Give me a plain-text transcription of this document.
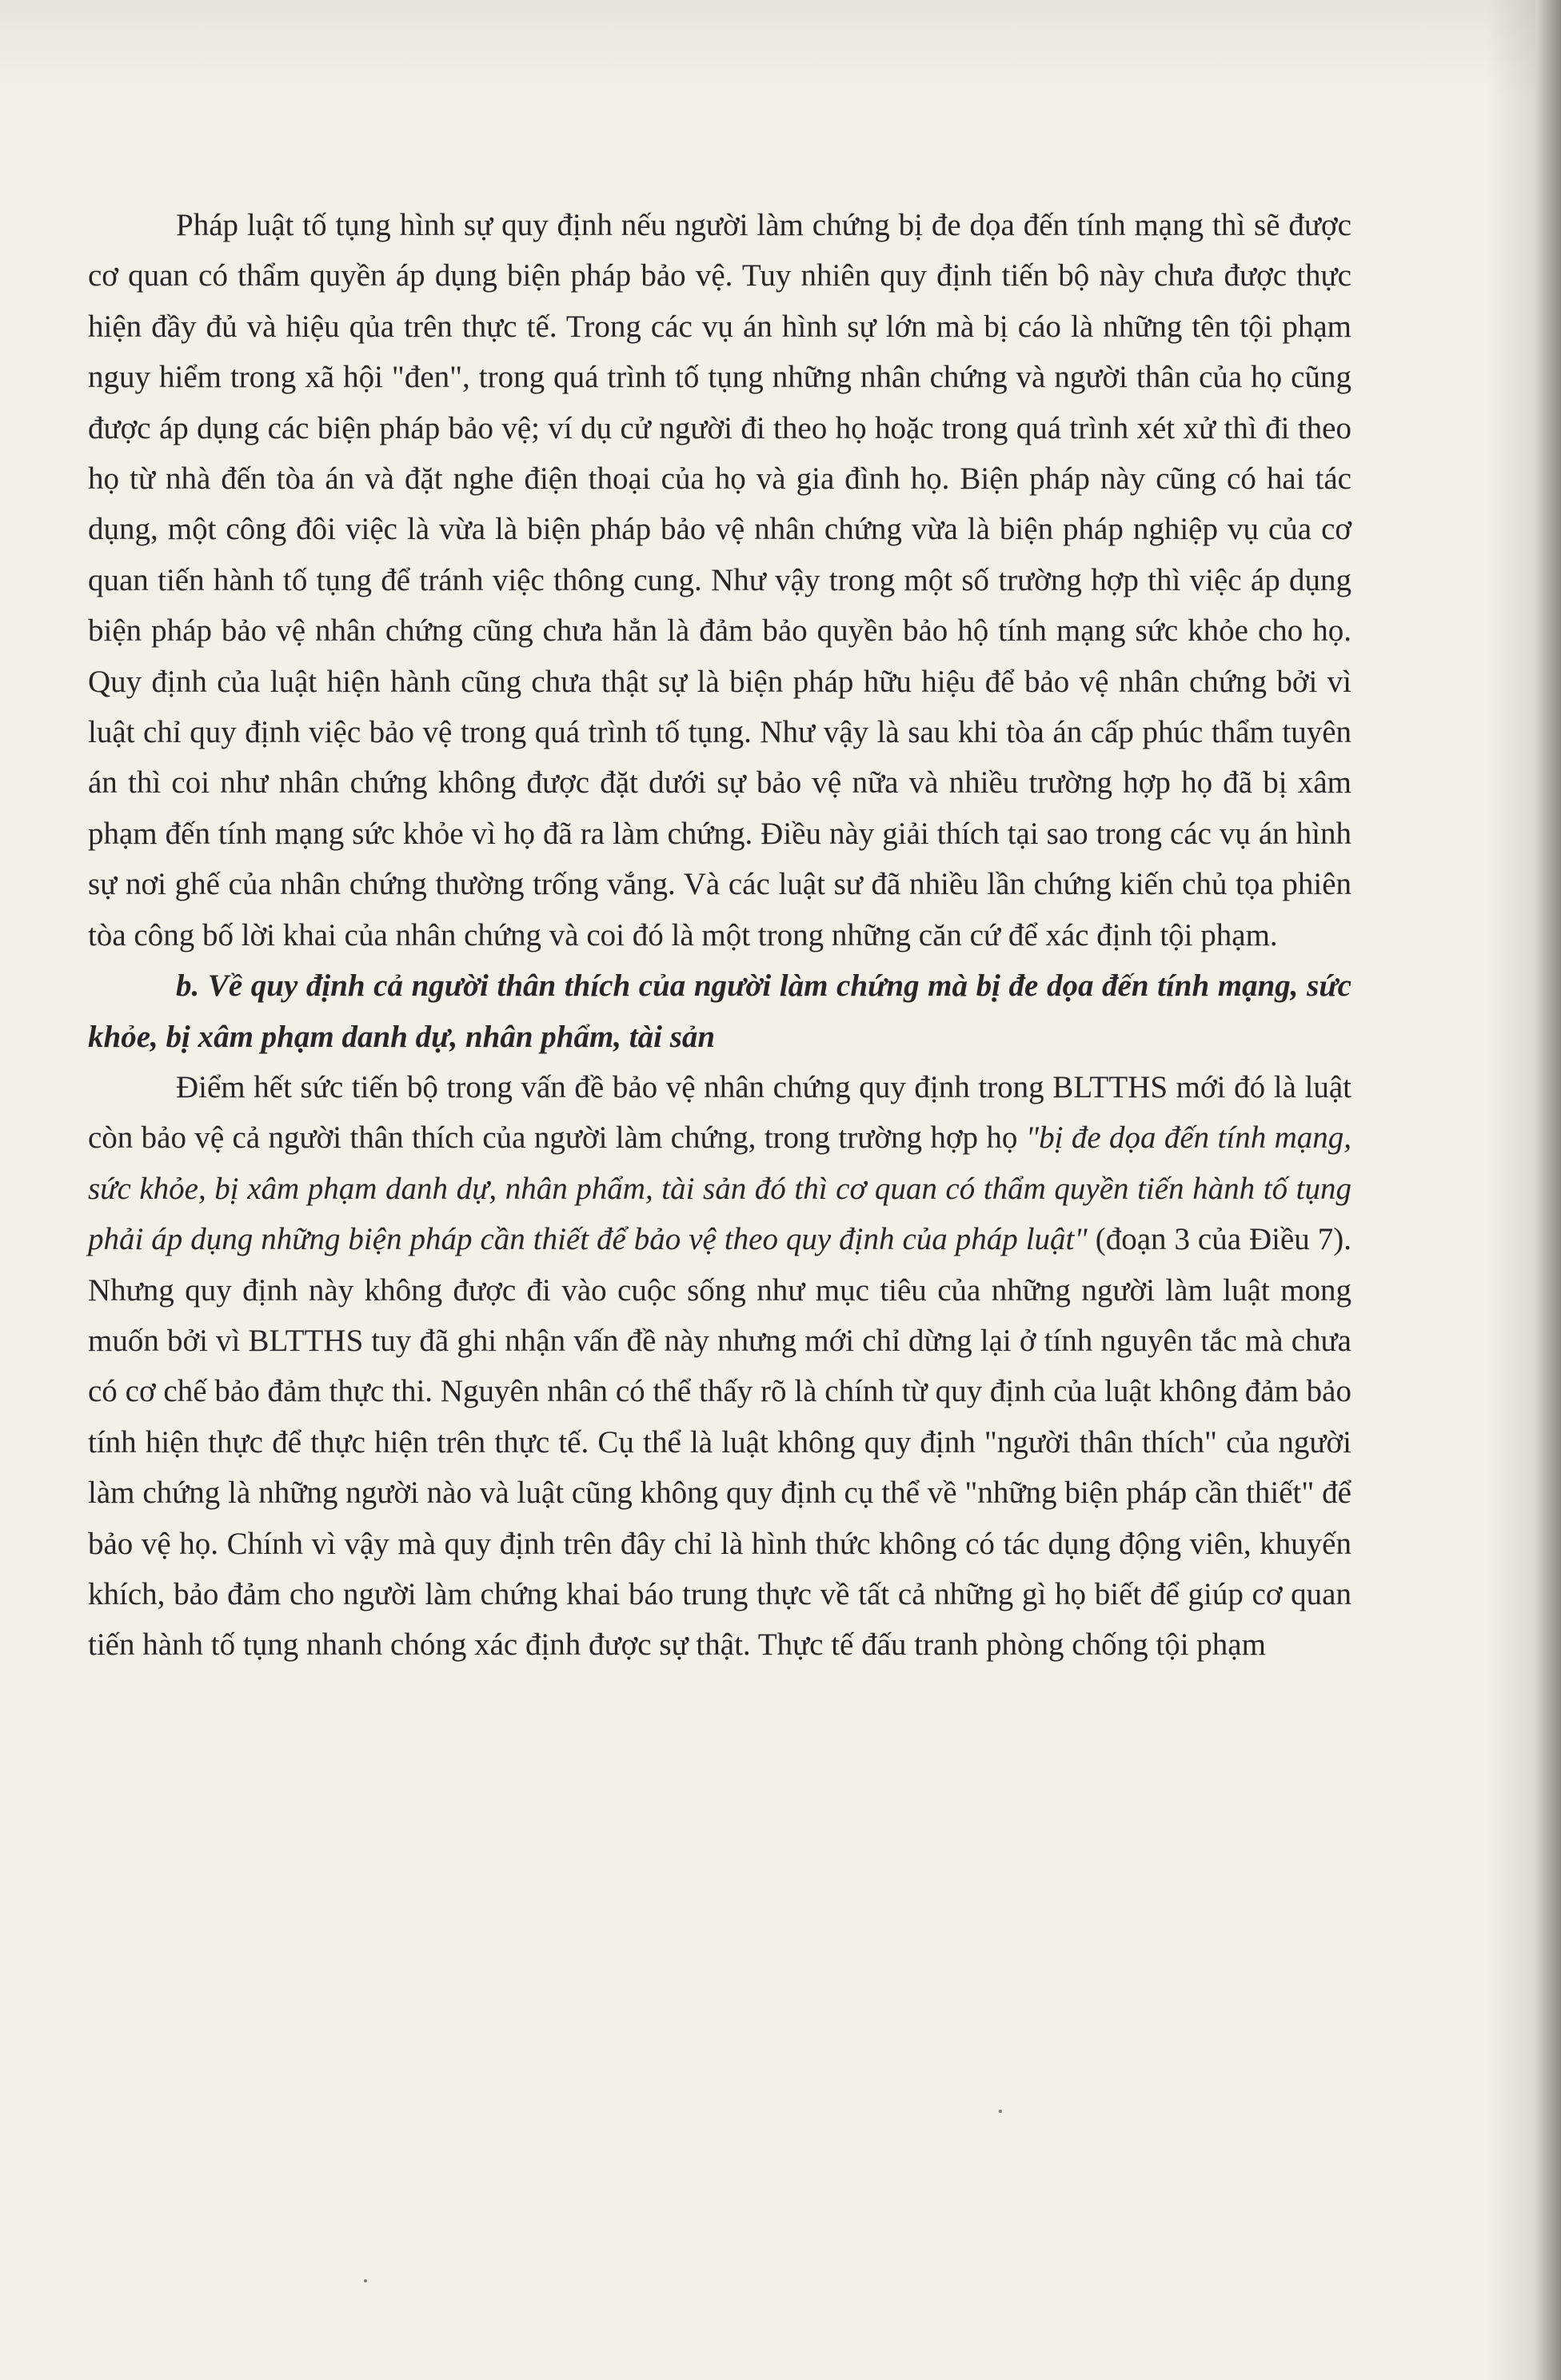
Pháp luật tố tụng hình sự quy định nếu người làm chứng bị đe dọa đến tính mạng thì sẽ được cơ quan có thẩm quyền áp dụng biện pháp bảo vệ. Tuy nhiên quy định tiến bộ này chưa được thực hiện đầy đủ và hiệu qủa trên thực tế. Trong các vụ án hình sự lớn mà bị cáo là những tên tội phạm nguy hiểm trong xã hội "đen", trong quá trình tố tụng những nhân chứng và người thân của họ cũng được áp dụng các biện pháp bảo vệ; ví dụ cử người đi theo họ hoặc trong quá trình xét xử thì đi theo họ từ nhà đến tòa án và đặt nghe điện thoại của họ và gia đình họ. Biện pháp này cũng có hai tác dụng, một công đôi việc là vừa là biện pháp bảo vệ nhân chứng vừa là biện pháp nghiệp vụ của cơ quan tiến hành tố tụng để tránh việc thông cung. Như vậy trong một số trường hợp thì việc áp dụng biện pháp bảo vệ nhân chứng cũng chưa hẳn là đảm bảo quyền bảo hộ tính mạng sức khỏe cho họ. Quy định của luật hiện hành cũng chưa thật sự là biện pháp hữu hiệu để bảo vệ nhân chứng bởi vì luật chỉ quy định việc bảo vệ trong quá trình tố tụng. Như vậy là sau khi tòa án cấp phúc thẩm tuyên án thì coi như nhân chứng không được đặt dưới sự bảo vệ nữa và nhiều trường hợp họ đã bị xâm phạm đến tính mạng sức khỏe vì họ đã ra làm chứng. Điều này giải thích tại sao trong các vụ án hình sự nơi ghế của nhân chứng thường trống vắng. Và các luật sư đã nhiều lần chứng kiến chủ tọa phiên tòa công bố lời khai của nhân chứng và coi đó là một trong những căn cứ để xác định tội phạm.

b. Về quy định cả người thân thích của người làm chứng mà bị đe dọa đến tính mạng, sức khỏe, bị xâm phạm danh dự, nhân phẩm, tài sản

Điểm hết sức tiến bộ trong vấn đề bảo vệ nhân chứng quy định trong BLTTHS mới đó là luật còn bảo vệ cả người thân thích của người làm chứng, trong trường hợp họ "bị đe dọa đến tính mạng, sức khỏe, bị xâm phạm danh dự, nhân phẩm, tài sản đó thì cơ quan có thẩm quyền tiến hành tố tụng phải áp dụng những biện pháp cần thiết để bảo vệ theo quy định của pháp luật" (đoạn 3 của Điều 7). Nhưng quy định này không được đi vào cuộc sống như mục tiêu của những người làm luật mong muốn bởi vì BLTTHS tuy đã ghi nhận vấn đề này nhưng mới chỉ dừng lại ở tính nguyên tắc mà chưa có cơ chế bảo đảm thực thi. Nguyên nhân có thể thấy rõ là chính từ quy định của luật không đảm bảo tính hiện thực để thực hiện trên thực tế. Cụ thể là luật không quy định "người thân thích" của người làm chứng là những người nào và luật cũng không quy định cụ thể về "những biện pháp cần thiết" để bảo vệ họ. Chính vì vậy mà quy định trên đây chỉ là hình thức không có tác dụng động viên, khuyến khích, bảo đảm cho người làm chứng khai báo trung thực về tất cả những gì họ biết để giúp cơ quan tiến hành tố tụng nhanh chóng xác định được sự thật. Thực tế đấu tranh phòng chống tội phạm
